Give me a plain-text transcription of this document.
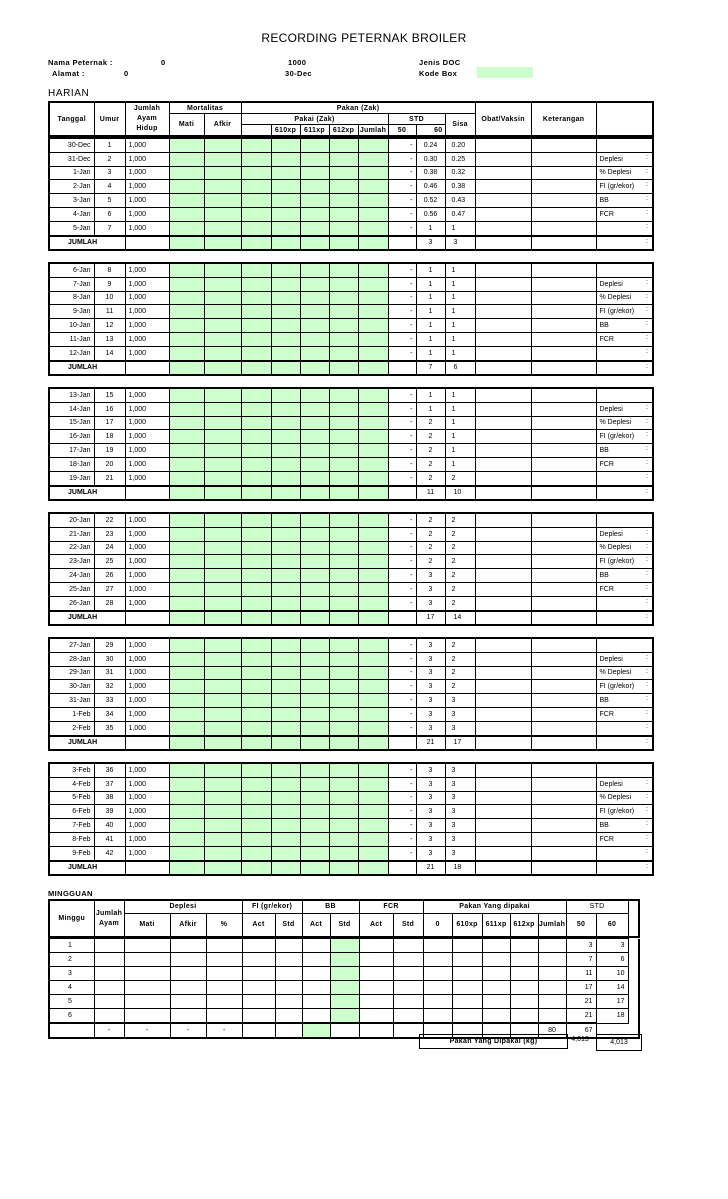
RECORDING PETERNAK BROILER
Nama Peternak :	0
Alamat :	0
1000
30-Dec
Jenis DOC
Kode Box
HARIAN
Tanggal	Umur	Jumlah
Ayam
Hidup	Mortalitas		Pakan (Zak)								Obat/Vaksin	Keterangan	
			Mati	Afkir	Pakai (Zak)					STD		Sisa			
						610xp	611xp	612xp	Jumlah	50	60				
30-Dec	1	1,000								-	0.24	0.20			
31-Dec	2	1,000								-	0.30	0.25			Deplesi :

1-Jan	3	1,000								-	0.38	0.32			% Deplesi :

2-Jan	4	1,000								-	0.46	0.38			FI (gr/ekor) :

3-Jan	5	1,000								-	0.52	0.43			BB :

4-Jan	6	1,000								-	0.56	0.47			FCR :

5-Jan	7	1,000								-	1	1			:

JUMLAH											3	3			:
6-Jan	8	1,000								-	1	1			
7-Jan	9	1,000								-	1	1			Deplesi :

8-Jan	10	1,000								-	1	1			% Deplesi :

9-Jan	11	1,000								-	1	1			FI (gr/ekor) :

10-Jan	12	1,000								-	1	1			BB :

11-Jan	13	1,000								-	1	1			FCR :

12-Jan	14	1,000								-	1	1			:

JUMLAH											7	6			:
13-Jan	15	1,000								-	1	1			
14-Jan	16	1,000								-	1	1			Deplesi :

15-Jan	17	1,000								-	2	1			% Deplesi :

16-Jan	18	1,000								-	2	1			FI (gr/ekor) :

17-Jan	19	1,000								-	2	1			BB :

18-Jan	20	1,000								-	2	1			FCR :

19-Jan	21	1,000								-	2	2			:

JUMLAH											11	10			:
20-Jan	22	1,000								-	2	2			
21-Jan	23	1,000								-	2	2			Deplesi :

22-Jan	24	1,000								-	2	2			% Deplesi :

23-Jan	25	1,000								-	2	2			FI (gr/ekor) :

24-Jan	26	1,000								-	3	2			BB :

25-Jan	27	1,000								-	3	2			FCR :

26-Jan	28	1,000								-	3	2			:

JUMLAH											17	14			:
27-Jan	29	1,000								-	3	2			
28-Jan	30	1,000								-	3	2			Deplesi :

29-Jan	31	1,000								-	3	2			% Deplesi :

30-Jan	32	1,000								-	3	2			FI (gr/ekor) :

31-Jan	33	1,000								-	3	3			BB :

1-Feb	34	1,000								-	3	3			FCR :

2-Feb	35	1,000								-	3	3			:

JUMLAH											21	17			:
3-Feb	36	1,000								-	3	3			
4-Feb	37	1,000								-	3	3			Deplesi :

5-Feb	38	1,000								-	3	3			% Deplesi :

6-Feb	39	1,000								-	3	3			FI (gr/ekor) :

7-Feb	40	1,000								-	3	3			BB :

8-Feb	41	1,000								-	3	3			FCR :

9-Feb	42	1,000								-	3	3			:

JUMLAH											21	18			:
MINGGUAN
Minggu	Jumlah
Ayam	Deplesi			FI (gr/ekor)		BB		FCR		Pakan Yang dipakai					STD		
		Mati	Afkir	%	Act	Std	Act	Std	Act	Std	0	610xp	611xp	612xp	Jumlah	50	60	
1																3	3	
2																7	6	
3																11	10	
4																17	14	
5																21	17	
6																21	18	
	-	-	-	-											80	67		
Pakan Yang Dipakai (kg)	4,013	4,013
